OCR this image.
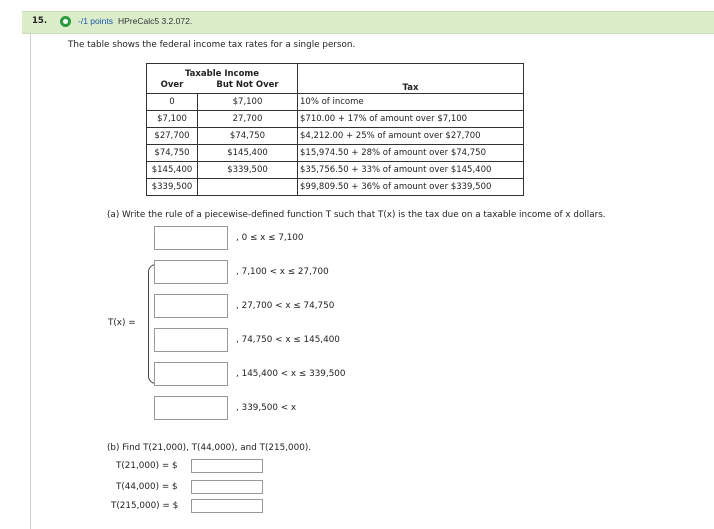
15.	-/1 points HPreCalc5 3.2.072.
The table shows the federal income tax rates for a single person.
Taxable Income
Over But Not Over		Tax
0	$7,100	10% of income
$7,100	27,700	$710.00 + 17% of amount over $7,100
$27,700	$74,750	$4,212.00 + 25% of amount over $27,700
$74,750	$145,400	$15,974.50 + 28% of amount over $74,750
$145,400	$339,500	$35,756.50 + 33% of amount over $145,400
$339,500		$99,809.50 + 36% of amount over $339,500
(a) Write the rule of a piecewise-defined function T such that T(x) is the tax due on a taxable income of x dollars.
T(x) =
, 0 ≤ x ≤ 7,100
, 7,100 < x ≤ 27,700
, 27,700 < x ≤ 74,750
, 74,750 < x ≤ 145,400
, 145,400 < x ≤ 339,500
, 339,500 < x
(b) Find T(21,000), T(44,000), and T(215,000).
T(21,000) = $
T(44,000) = $
T(215,000) = $
